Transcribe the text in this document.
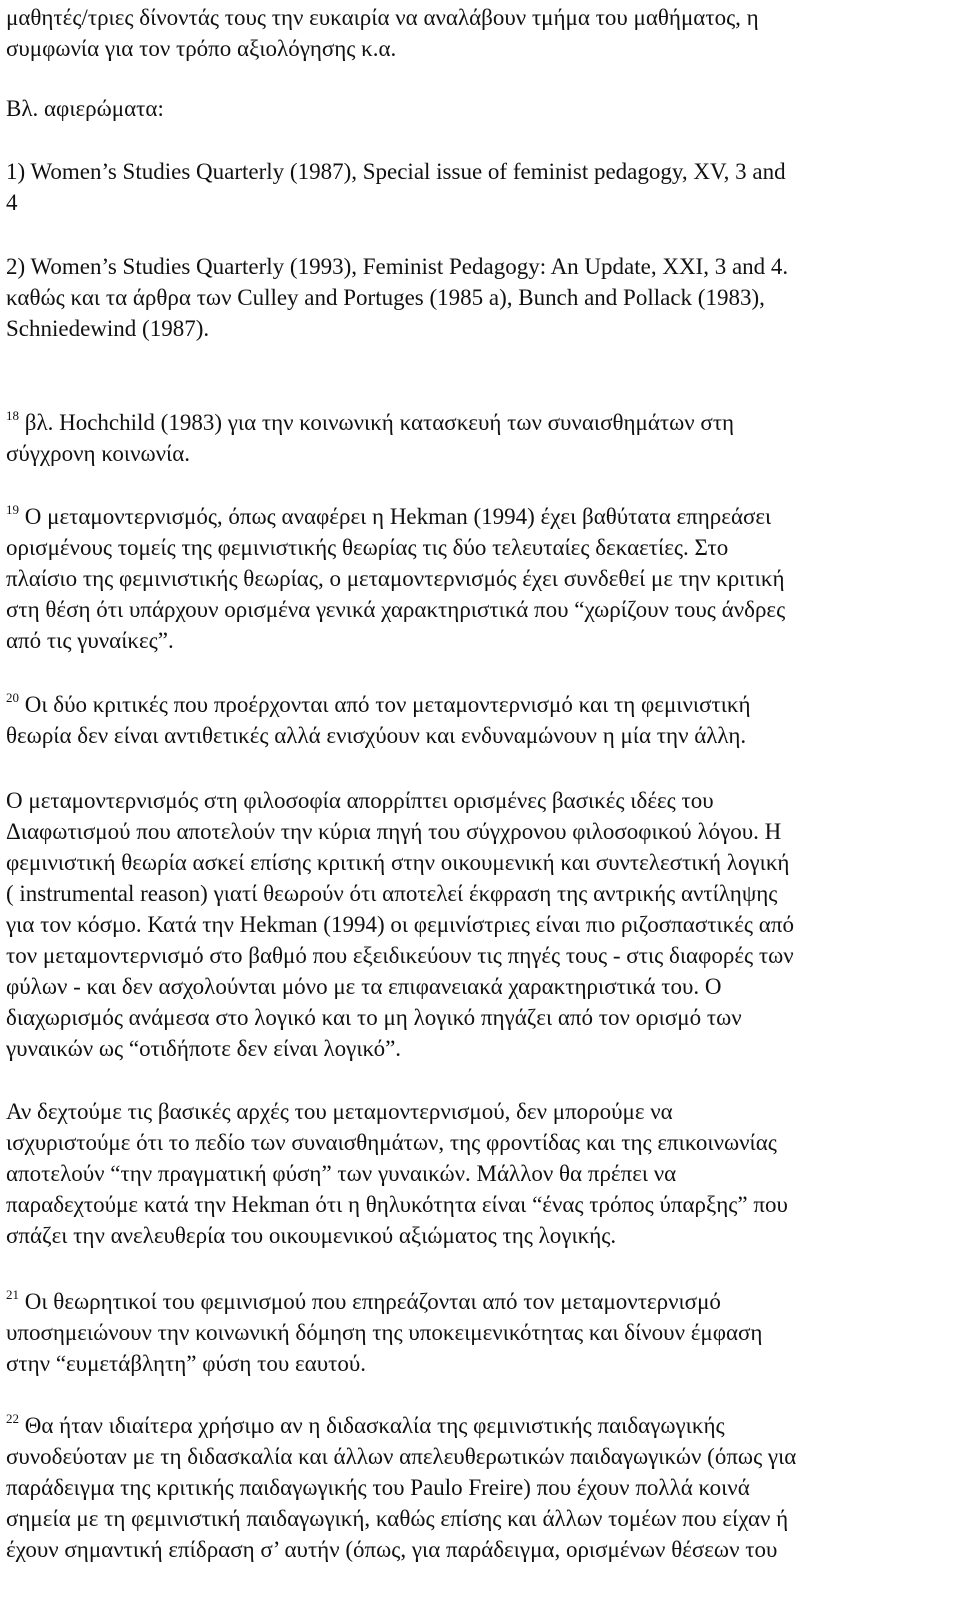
μαθητές/τριες δίνοντάς τους την ευκαιρία να αναλάβουν τμήμα του μαθήματος, η
συμφωνία για τον τρόπο αξιολόγησης κ.α.

Βλ. αφιερώματα:

1) Women’s Studies Quarterly (1987), Special issue of feminist pedagogy, XV, 3 and
4

2) Women’s Studies Quarterly (1993), Feminist Pedagogy: An Update, XXI, 3 and 4.
καθώς και τα άρθρα των Culley and Portuges (1985 a), Bunch and Pollack (1983),
Schniedewind (1987).

$^{18}$ βλ. Hochchild (1983) για την κοινωνική κατασκευή των συναισθημάτων στη
σύγχρονη κοινωνία.

$^{19}$ Ο μεταμοντερνισμός, όπως αναφέρει η Hekman (1994) έχει βαθύτατα επηρεάσει
ορισμένους τομείς της φεμινιστικής θεωρίας τις δύο τελευταίες δεκαετίες. Στο
πλαίσιο της φεμινιστικής θεωρίας, ο μεταμοντερνισμός έχει συνδεθεί με την κριτική
στη θέση ότι υπάρχουν ορισμένα γενικά χαρακτηριστικά που “χωρίζουν τους άνδρες
από τις γυναίκες”.

$^{20}$ Οι δύο κριτικές που προέρχονται από τον μεταμοντερνισμό και τη φεμινιστική
θεωρία δεν είναι αντιθετικές αλλά ενισχύουν και ενδυναμώνουν η μία την άλλη.

Ο μεταμοντερνισμός στη φιλοσοφία απορρίπτει ορισμένες βασικές ιδέες του
Διαφωτισμού που αποτελούν την κύρια πηγή του σύγχρονου φιλοσοφικού λόγου. Η
φεμινιστική θεωρία ασκεί επίσης κριτική στην οικουμενική και συντελεστική λογική
( instrumental reason) γιατί θεωρούν ότι αποτελεί έκφραση της αντρικής αντίληψης
για τον κόσμο. Κατά την Hekman (1994) οι φεμινίστριες είναι πιο ριζοσπαστικές από
τον μεταμοντερνισμό στο βαθμό που εξειδικεύουν τις πηγές τους - στις διαφορές των
φύλων - και δεν ασχολούνται μόνο με τα επιφανειακά χαρακτηριστικά του. Ο
διαχωρισμός ανάμεσα στο λογικό και το μη λογικό πηγάζει από τον ορισμό των
γυναικών ως “οτιδήποτε δεν είναι λογικό”.

Αν δεχτούμε τις βασικές αρχές του μεταμοντερνισμού, δεν μπορούμε να
ισχυριστούμε ότι το πεδίο των συναισθημάτων, της φροντίδας και της επικοινωνίας
αποτελούν “την πραγματική φύση” των γυναικών. Μάλλον θα πρέπει να
παραδεχτούμε κατά την Hekman ότι η θηλυκότητα είναι “ένας τρόπος ύπαρξης” που
σπάζει την ανελευθερία του οικουμενικού αξιώματος της λογικής.

$^{21}$ Οι θεωρητικοί του φεμινισμού που επηρεάζονται από τον μεταμοντερνισμό
υποσημειώνουν την κοινωνική δόμηση της υποκειμενικότητας και δίνουν έμφαση
στην “ευμετάβλητη” φύση του εαυτού.

$^{22}$ Θα ήταν ιδιαίτερα χρήσιμο αν η διδασκαλία της φεμινιστικής παιδαγωγικής
συνοδεύοταν με τη διδασκαλία και άλλων απελευθερωτικών παιδαγωγικών (όπως για
παράδειγμα της κριτικής παιδαγωγικής του Paulo Freire) που έχουν πολλά κοινά
σημεία με τη φεμινιστική παιδαγωγική, καθώς επίσης και άλλων τομέων που είχαν ή
έχουν σημαντική επίδραση σ’ αυτήν (όπως, για παράδειγμα, ορισμένων θέσεων του
